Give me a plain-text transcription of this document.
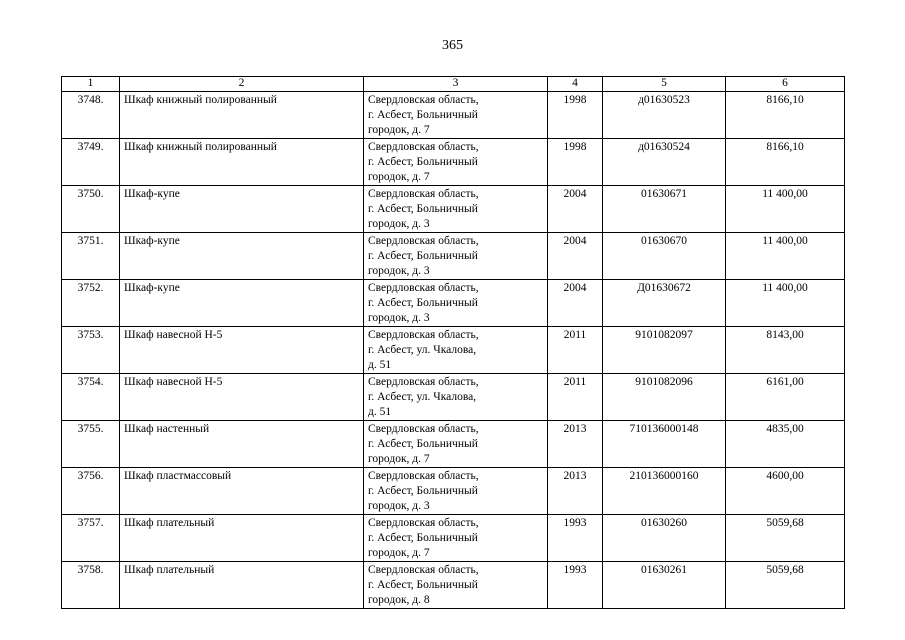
365
1	2	3	4	5	6
3748.	Шкаф книжный полированный	Свердловская область,
г. Асбест, Больничный
городок, д. 7	1998	д01630523	8166,10
3749.	Шкаф книжный полированный	Свердловская область,
г. Асбест, Больничный
городок, д. 7	1998	д01630524	8166,10
3750.	Шкаф-купе	Свердловская область,
г. Асбест, Больничный
городок, д. 3	2004	01630671	11 400,00
3751.	Шкаф-купе	Свердловская область,
г. Асбест, Больничный
городок, д. 3	2004	01630670	11 400,00
3752.	Шкаф-купе	Свердловская область,
г. Асбест, Больничный
городок, д. 3	2004	Д01630672	11 400,00
3753.	Шкаф навесной Н-5	Свердловская область,
г. Асбест, ул. Чкалова,
д. 51	2011	9101082097	8143,00
3754.	Шкаф навесной Н-5	Свердловская область,
г. Асбест, ул. Чкалова,
д. 51	2011	9101082096	6161,00
3755.	Шкаф настенный	Свердловская область,
г. Асбест, Больничный
городок, д. 7	2013	710136000148	4835,00
3756.	Шкаф пластмассовый	Свердловская область,
г. Асбест, Больничный
городок, д. 3	2013	210136000160	4600,00
3757.	Шкаф плательный	Свердловская область,
г. Асбест, Больничный
городок, д. 7	1993	01630260	5059,68
3758.	Шкаф плательный	Свердловская область,
г. Асбест, Больничный
городок, д. 8	1993	01630261	5059,68
